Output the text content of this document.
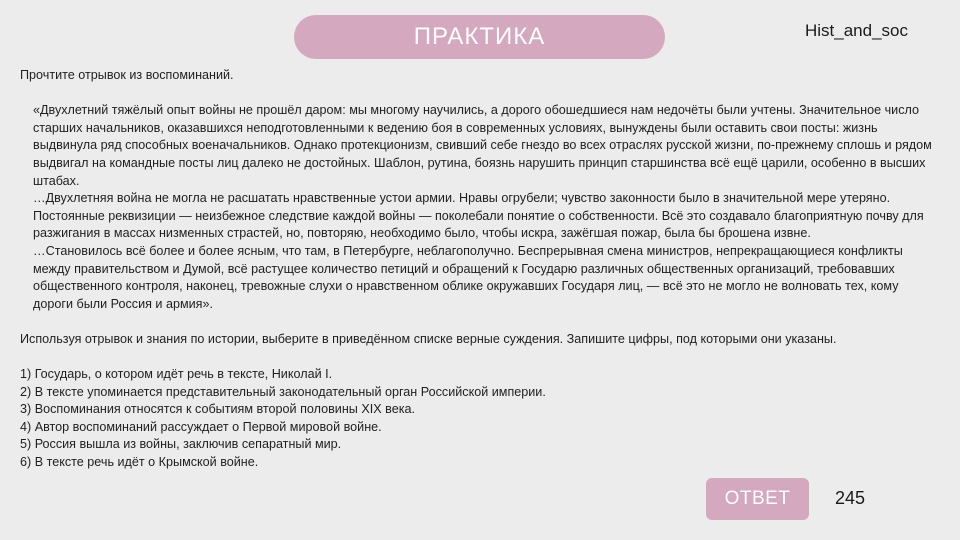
ПРАКТИКА	Hist_and_soc

Прочтите отрывок из воспоминаний.

«Двухлетний тяжёлый опыт войны не прошёл даром: мы многому научились, а дорого обошедшиеся нам недочёты были учтены. Значительное число старших начальников, оказавшихся неподготовленными к ведению боя в современных условиях, вынуждены были оставить свои посты: жизнь выдвинула ряд способных военачальников. Однако протекционизм, свивший себе гнездо во всех отраслях русской жизни, по-прежнему сплошь и рядом выдвигал на командные посты лиц далеко не достойных. Шаблон, рутина, боязнь нарушить принцип старшинства всё ещё царили, особенно в высших штабах.

…Двухлетняя война не могла не расшатать нравственные устои армии. Нравы огрубели; чувство законности было в значительной мере утеряно. Постоянные реквизиции — неизбежное следствие каждой войны — поколебали понятие о собственности. Всё это создавало благоприятную почву для разжигания в массах низменных страстей, но, повторяю, необходимо было, чтобы искра, зажёгшая пожар, была бы брошена извне.

…Становилось всё более и более ясным, что там, в Петербурге, неблагополучно. Беспрерывная смена министров, непрекращающиеся конфликты между правительством и Думой, всё растущее количество петиций и обращений к Государю различных общественных организаций, требовавших общественного контроля, наконец, тревожные слухи о нравственном облике окружавших Государя лиц, — всё это не могло не волновать тех, кому дороги были Россия и армия».

Используя отрывок и знания по истории, выберите в приведённом списке верные суждения. Запишите цифры, под которыми они указаны.

1) Государь, о котором идёт речь в тексте, Николай I.

2) В тексте упоминается представительный законодательный орган Российской империи.

3) Воспоминания относятся к событиям второй половины XIX века.

4) Автор воспоминаний рассуждает о Первой мировой войне.

5) Россия вышла из войны, заключив сепаратный мир.

6) В тексте речь идёт о Крымской войне.

ОТВЕТ	245
